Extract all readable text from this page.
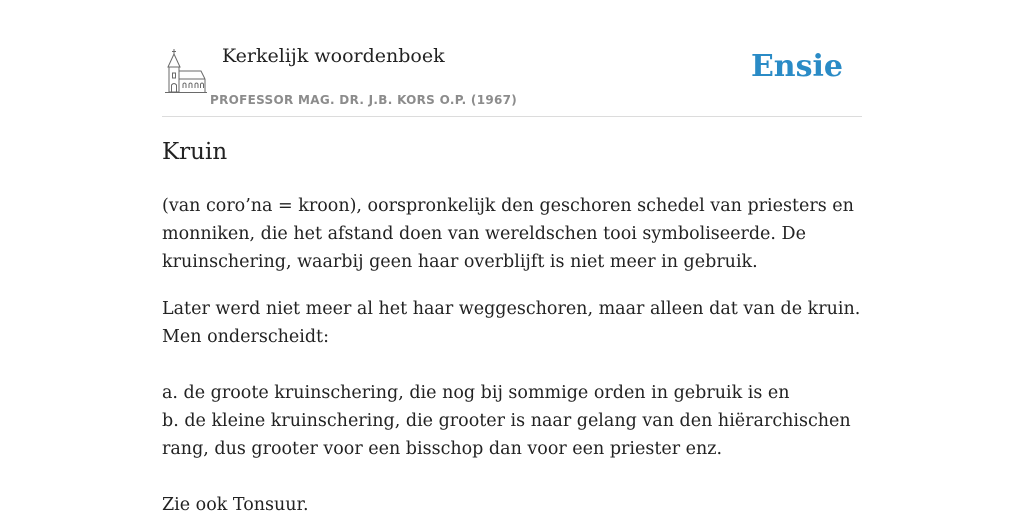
Kerkelijk woordenboek
PROFESSOR MAG. DR. J.B. KORS O.P. (1967)
Ensie
Kruin

(van coro’na = kroon), oorspronkelijk den geschoren schedel van priesters en monniken, die het afstand doen van wereldschen tooi symboliseerde. De kruinschering, waarbij geen haar overblijft is niet meer in gebruik.

Later werd niet meer al het haar weggeschoren, maar alleen dat van de kruin. Men onderscheidt:

a. de groote kruinschering, die nog bij sommige orden in gebruik is en

b. de kleine kruinschering, die grooter is naar gelang van den hiërarchischen rang, dus grooter voor een bisschop dan voor een priester enz.

Zie ook Tonsuur.
